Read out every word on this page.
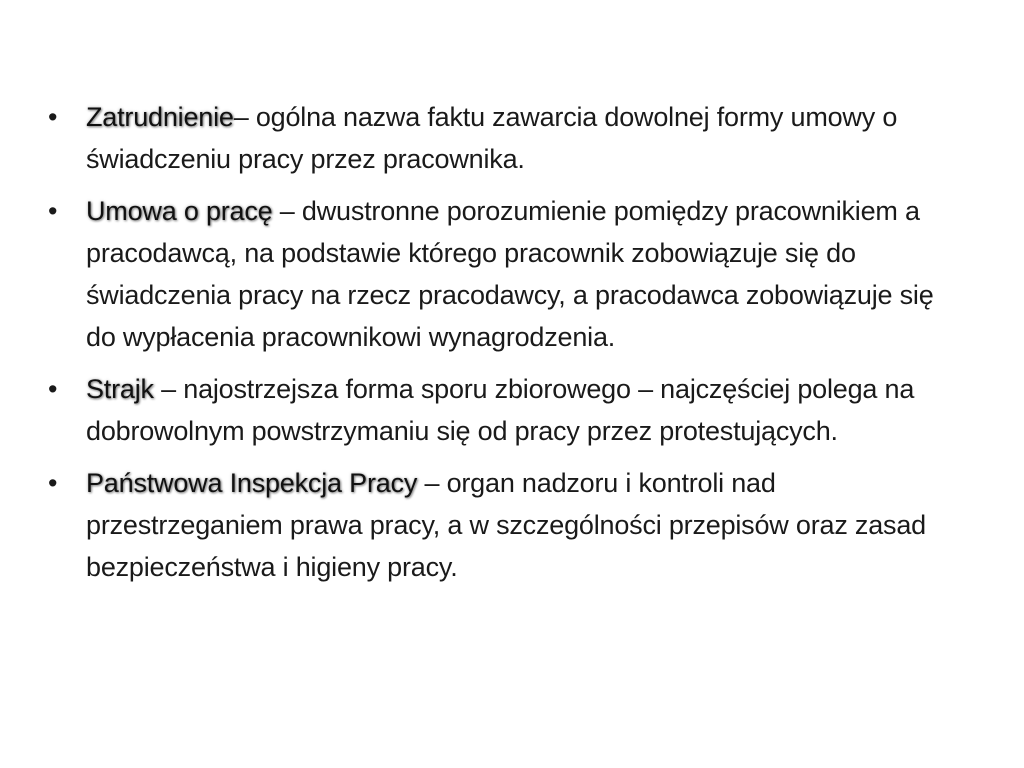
•	Zatrudnienie– ogólna nazwa faktu zawarcia dowolnej formy umowy o świadczeniu pracy przez pracownika.
•	Umowa o pracę – dwustronne porozumienie pomiędzy pracownikiem a pracodawcą, na podstawie którego pracownik zobowiązuje się do świadczenia pracy na rzecz pracodawcy, a pracodawca zobowiązuje się do wypłacenia pracownikowi wynagrodzenia.
•	Strajk – najostrzejsza forma sporu zbiorowego – najczęściej polega na dobrowolnym powstrzymaniu się od pracy przez protestujących.
•	Państwowa Inspekcja Pracy – organ nadzoru i kontroli nad przestrzeganiem prawa pracy, a w szczególności przepisów oraz zasad bezpieczeństwa i higieny pracy.
